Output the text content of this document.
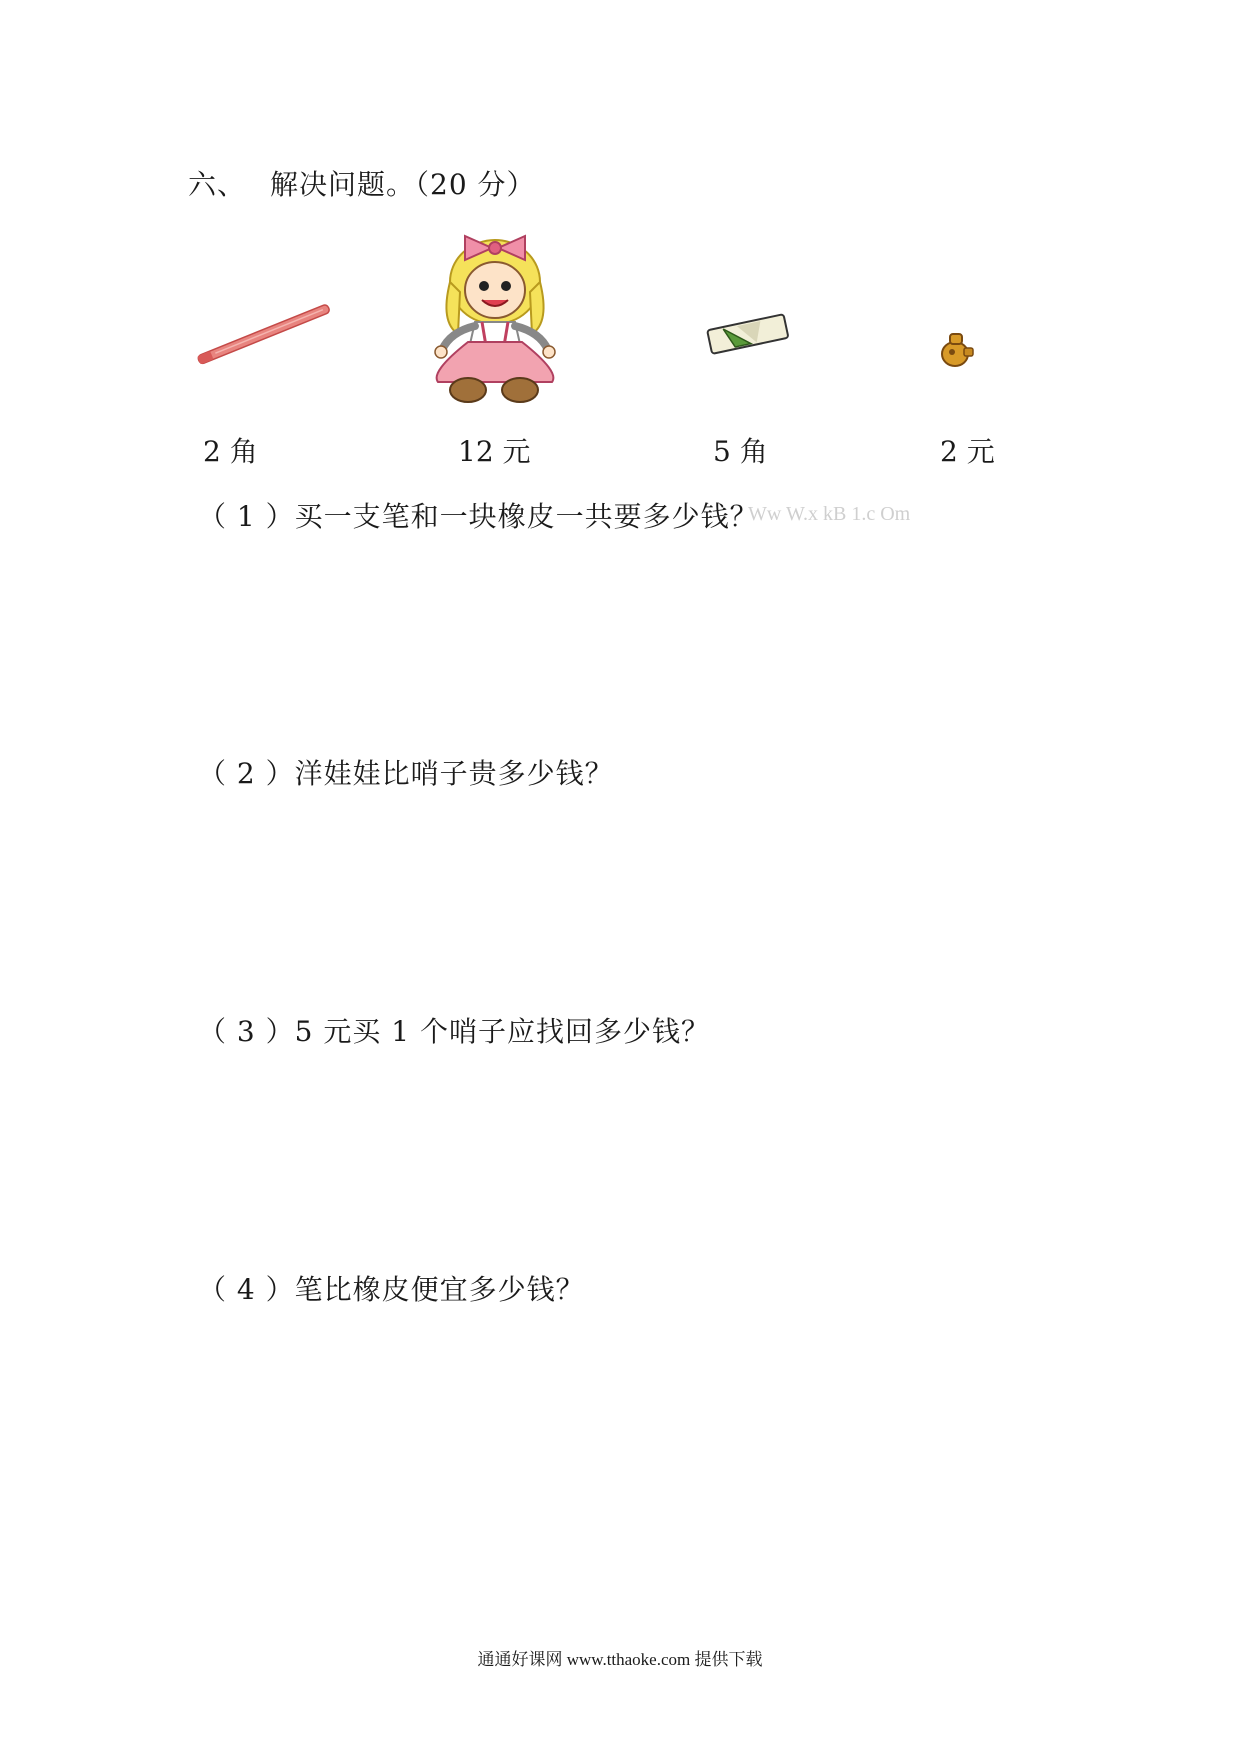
六、 解决问题。（20 分）
2 角	12 元	5 角	2 元
（ 1 ）买一支笔和一块橡皮一共要多少钱？
Ww W.x kB 1.c Om
（ 2 ）洋娃娃比哨子贵多少钱？
（ 3 ）5 元买 1 个哨子应找回多少钱？
（ 4 ）笔比橡皮便宜多少钱？
通通好课网 www.tthaoke.com 提供下载
